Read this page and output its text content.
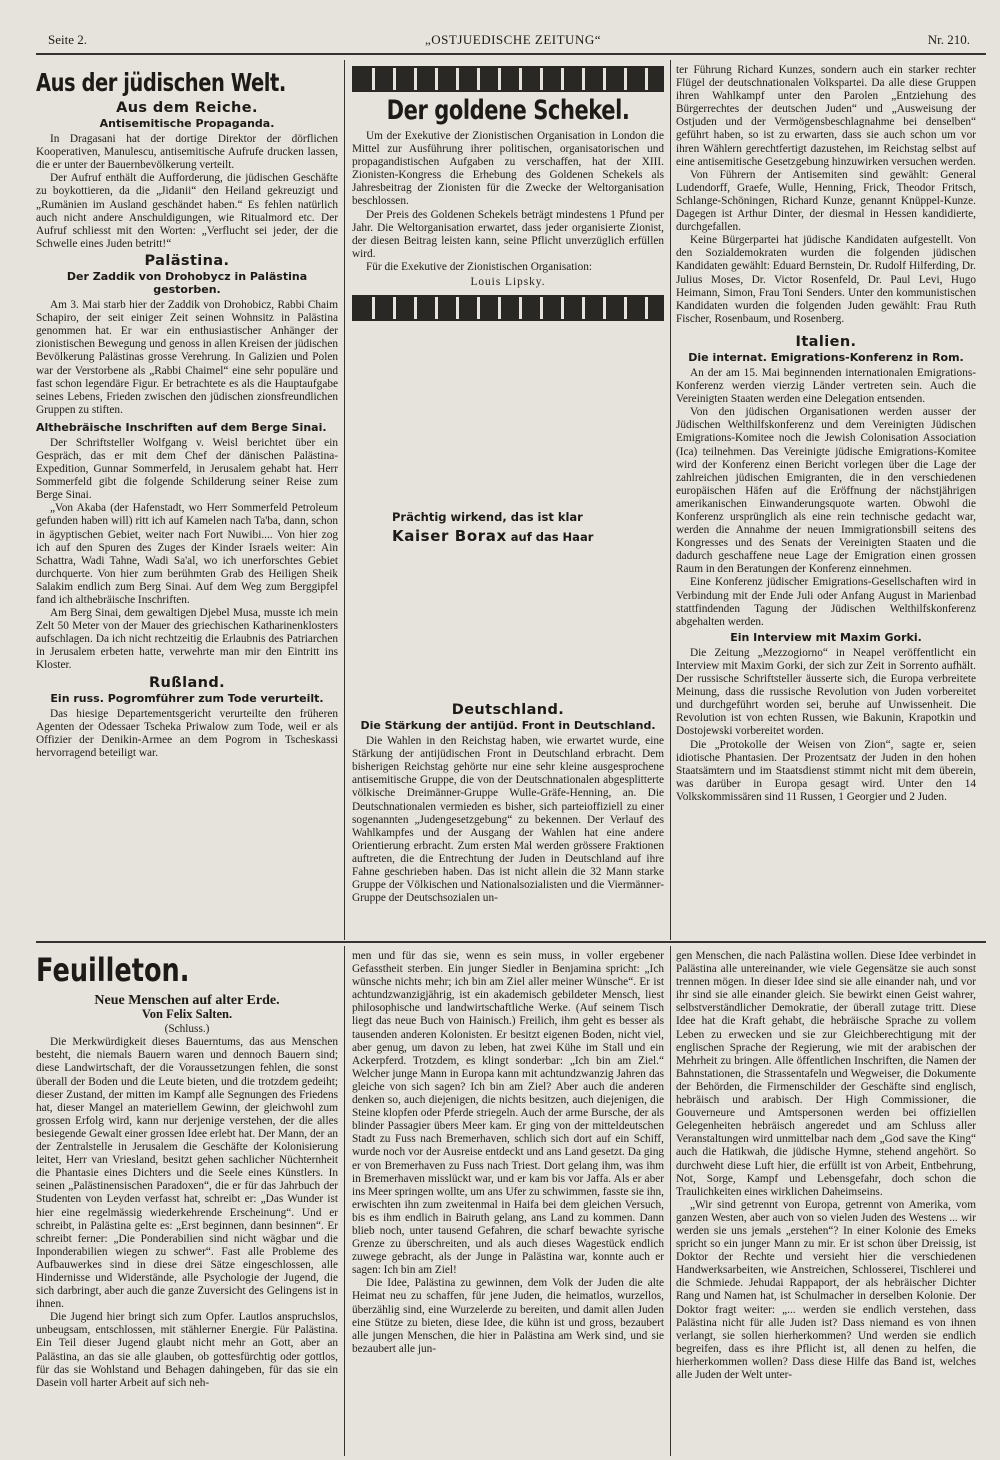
Seite 2.	„OSTJUEDISCHE ZEITUNG“	Nr. 210.
Aus der jüdischen Welt.
Aus dem Reiche.
Antisemitische Propaganda.

In Dragasani hat der dortige Direktor der dörflichen Kooperativen, Manulescu, antisemitische Aufrufe drucken lassen, die er unter der Bauernbevölkerung verteilt.

Der Aufruf enthält die Aufforderung, die jüdischen Geschäfte zu boykottieren, da die „Jidanii“ den Heiland gekreuzigt und „Rumänien im Ausland geschändet haben.“ Es fehlen natürlich auch nicht andere Anschuldigungen, wie Ritualmord etc. Der Aufruf schliesst mit den Worten: „Verflucht sei jeder, der die Schwelle eines Juden betritt!“

Palästina.
Der Zaddik von Drohobycz in Palästina gestorben.

Am 3. Mai starb hier der Zaddik von Drohobicz, Rabbi Chaim Schapiro, der seit einiger Zeit seinen Wohnsitz in Palästina genommen hat. Er war ein enthusiastischer Anhänger der zionistischen Bewegung und genoss in allen Kreisen der jüdischen Bevölkerung Palästinas grosse Verehrung. In Galizien und Polen war der Verstorbene als „Rabbi Chaimel“ eine sehr populäre und fast schon legendäre Figur. Er betrachtete es als die Hauptaufgabe seines Lebens, Frieden zwischen den jüdischen zionsfreundlichen Gruppen zu stiften.

Althebräische Inschriften auf dem Berge Sinai.

Der Schriftsteller Wolfgang v. Weisl berichtet über ein Gespräch, das er mit dem Chef der dänischen Palästina-Expedition, Gunnar Sommerfeld, in Jerusalem gehabt hat. Herr Sommerfeld gibt die folgende Schilderung seiner Reise zum Berge Sinai.

„Von Akaba (der Hafenstadt, wo Herr Sommerfeld Petroleum gefunden haben will) ritt ich auf Kamelen nach Ta'ba, dann, schon in ägyptischen Gebiet, weiter nach Fort Nuwibi.... Von hier zog ich auf den Spuren des Zuges der Kinder Israels weiter: Ain Schattra, Wadi Tahne, Wadi Sa'al, wo ich unerforschtes Gebiet durchquerte. Von hier zum berühmten Grab des Heiligen Sheik Salakim endlich zum Berg Sinai. Auf dem Weg zum Berggipfel fand ich althebräische Inschriften.

Am Berg Sinai, dem gewaltigen Djebel Musa, musste ich mein Zelt 50 Meter von der Mauer des griechischen Katharinenklosters aufschlagen. Da ich nicht rechtzeitig die Erlaubnis des Patriarchen in Jerusalem erbeten hatte, verwehrte man mir den Eintritt ins Kloster.

Rußland.
Ein russ. Pogromführer zum Tode verurteilt.

Das hiesige Departementsgericht verurteilte den früheren Agenten der Odessaer Tscheka Priwalow zum Tode, weil er als Offizier der Denikin-Armee an dem Pogrom in Tscheskassi hervorragend beteiligt war.

Der goldene Schekel.

Um der Exekutive der Zionistischen Organisation in London die Mittel zur Ausführung ihrer politischen, organisatorischen und propagandistischen Aufgaben zu verschaffen, hat der XIII. Zionisten-Kongress die Erhebung des Goldenen Schekels als Jahresbeitrag der Zionisten für die Zwecke der Weltorganisation beschlossen.

Der Preis des Goldenen Schekels beträgt mindestens 1 Pfund per Jahr. Die Weltorganisation erwartet, dass jeder organisierte Zionist, der diesen Beitrag leisten kann, seine Pflicht unverzüglich erfüllen wird.

Für die Exekutive der Zionistischen Organisation:

Louis Lipsky.
Prächtig wirkend, das ist klar
Kaiser Borax auf das Haar
Deutschland.
Die Stärkung der antijüd. Front in Deutschland.

Die Wahlen in den Reichstag haben, wie erwartet wurde, eine Stärkung der antijüdischen Front in Deutschland erbracht. Dem bisherigen Reichstag gehörte nur eine sehr kleine ausgesprochene antisemitische Gruppe, die von der Deutschnationalen abgesplitterte völkische Dreimänner-Gruppe Wulle-Gräfe-Henning, an. Die Deutschnationalen vermieden es bisher, sich parteioffiziell zu einer sogenannten „Judengesetzgebung“ zu bekennen. Der Verlauf des Wahlkampfes und der Ausgang der Wahlen hat eine andere Orientierung erbracht. Zum ersten Mal werden grössere Fraktionen auftreten, die die Entrechtung der Juden in Deutschland auf ihre Fahne geschrieben haben. Das ist nicht allein die 32 Mann starke Gruppe der Völkischen und Nationalsozialisten und die Viermänner-Gruppe der Deutschsozialen un-

ter Führung Richard Kunzes, sondern auch ein starker rechter Flügel der deutschnationalen Volkspartei. Da alle diese Gruppen ihren Wahlkampf unter den Parolen „Entziehung des Bürgerrechtes der deutschen Juden“ und „Ausweisung der Ostjuden und der Vermögensbeschlagnahme bei denselben“ geführt haben, so ist zu erwarten, dass sie auch schon um vor ihren Wählern gerechtfertigt dazustehen, im Reichstag selbst auf eine antisemitische Gesetzgebung hinzuwirken versuchen werden.

Von Führern der Antisemiten sind gewählt: General Ludendorff, Graefe, Wulle, Henning, Frick, Theodor Fritsch, Schlange-Schöningen, Richard Kunze, genannt Knüppel-Kunze. Dagegen ist Arthur Dinter, der diesmal in Hessen kandidierte, durchgefallen.

Keine Bürgerpartei hat jüdische Kandidaten aufgestellt. Von den Sozialdemokraten wurden die folgenden jüdischen Kandidaten gewählt: Eduard Bernstein, Dr. Rudolf Hilferding, Dr. Julius Moses, Dr. Victor Rosenfeld, Dr. Paul Levi, Hugo Heimann, Simon, Frau Toni Senders. Unter den kommunistischen Kandidaten wurden die folgenden Juden gewählt: Frau Ruth Fischer, Rosenbaum, und Rosenberg.

Italien.
Die internat. Emigrations-Konferenz in Rom.

An der am 15. Mai beginnenden internationalen Emigrations-Konferenz werden vierzig Länder vertreten sein. Auch die Vereinigten Staaten werden eine Delegation entsenden.

Von den jüdischen Organisationen werden ausser der Jüdischen Welthilfskonferenz und dem Vereinigten Jüdischen Emigrations-Komitee noch die Jewish Colonisation Association (Ica) teilnehmen. Das Vereinigte jüdische Emigrations-Komitee wird der Konferenz einen Bericht vorlegen über die Lage der zahlreichen jüdischen Emigranten, die in den verschiedenen europäischen Häfen auf die Eröffnung der nächstjährigen amerikanischen Einwanderungsquote warten. Obwohl die Konferenz ursprünglich als eine rein technische gedacht war, werden die Annahme der neuen Immigrationsbill seitens des Kongresses und des Senats der Vereinigten Staaten und die dadurch geschaffene neue Lage der Emigration einen grossen Raum in den Beratungen der Konferenz einnehmen.

Eine Konferenz jüdischer Emigrations-Gesellschaften wird in Verbindung mit der Ende Juli oder Anfang August in Marienbad stattfindenden Tagung der Jüdischen Welthilfskonferenz abgehalten werden.

Ein Interview mit Maxim Gorki.

Die Zeitung „Mezzogiorno“ in Neapel veröffentlicht ein Interview mit Maxim Gorki, der sich zur Zeit in Sorrento aufhält. Der russische Schriftsteller äusserte sich, die Europa verbreitete Meinung, dass die russische Revolution von Juden vorbereitet und durchgeführt worden sei, beruhe auf Unwissenheit. Die Revolution ist von echten Russen, wie Bakunin, Krapotkin und Dostojewski vorbereitet worden.

Die „Protokolle der Weisen von Zion“, sagte er, seien idiotische Phantasien. Der Prozentsatz der Juden in den hohen Staatsämtern und im Staatsdienst stimmt nicht mit dem überein, was darüber in Europa gesagt wird. Unter den 14 Volkskommissären sind 11 Russen, 1 Georgier und 2 Juden.

Feuilleton.
Neue Menschen auf alter Erde.
Von Felix Salten.
(Schluss.)

Die Merkwürdigkeit dieses Bauerntums, das aus Menschen besteht, die niemals Bauern waren und dennoch Bauern sind; diese Landwirtschaft, der die Voraussetzungen fehlen, die sonst überall der Boden und die Leute bieten, und die trotzdem gedeiht; dieser Zustand, der mitten im Kampf alle Segnungen des Friedens hat, dieser Mangel an materiellem Gewinn, der gleichwohl zum grossen Erfolg wird, kann nur derjenige verstehen, der die alles besiegende Gewalt einer grossen Idee erlebt hat. Der Mann, der an der Zentralstelle in Jerusalem die Geschäfte der Kolonisierung leitet, Herr van Vriesland, besitzt gehen sachlicher Nüchternheit die Phantasie eines Dichters und die Seele eines Künstlers. In seinen „Palästinensischen Paradoxen“, die er für das Jahrbuch der Studenten von Leyden verfasst hat, schreibt er: „Das Wunder ist hier eine regelmässig wiederkehrende Erscheinung“. Und er schreibt, in Palästina gelte es: „Erst beginnen, dann besinnen“. Er schreibt ferner: „Die Ponderabilien sind nicht wägbar und die Inponderabilien wiegen zu schwer“. Fast alle Probleme des Aufbauwerkes sind in diese drei Sätze eingeschlossen, alle Hindernisse und Widerstände, alle Psychologie der Jugend, die sich darbringt, aber auch die ganze Zuversicht des Gelingens ist in ihnen.

Die Jugend hier bringt sich zum Opfer. Lautlos anspruchslos, unbeugsam, entschlossen, mit stählerner Energie. Für Palästina. Ein Teil dieser Jugend glaubt nicht mehr an Gott, aber an Palästina, an das sie alle glauben, ob gottesfürchtig oder gottlos, für das sie Wohlstand und Behagen dahingeben, für das sie ein Dasein voll harter Arbeit auf sich neh-

men und für das sie, wenn es sein muss, in voller ergebener Gefasstheit sterben. Ein junger Siedler in Benjamina spricht: „Ich wünsche nichts mehr; ich bin am Ziel aller meiner Wünsche“. Er ist achtundzwanzigjährig, ist ein akademisch gebildeter Mensch, liest philosophische und landwirtschaftliche Werke. (Auf seinem Tisch liegt das neue Buch von Hainisch.) Freilich, ihm geht es besser als tausenden anderen Kolonisten. Er besitzt eigenen Boden, nicht viel, aber genug, um davon zu leben, hat zwei Kühe im Stall und ein Ackerpferd. Trotzdem, es klingt sonderbar: „Ich bin am Ziel.“ Welcher junge Mann in Europa kann mit achtundzwanzig Jahren das gleiche von sich sagen? Ich bin am Ziel? Aber auch die anderen denken so, auch diejenigen, die nichts besitzen, auch diejenigen, die Steine klopfen oder Pferde striegeln. Auch der arme Bursche, der als blinder Passagier übers Meer kam. Er ging von der mitteldeutschen Stadt zu Fuss nach Bremerhaven, schlich sich dort auf ein Schiff, wurde noch vor der Ausreise entdeckt und ans Land gesetzt. Da ging er von Bremerhaven zu Fuss nach Triest. Dort gelang ihm, was ihm in Bremerhaven misslückt war, und er kam bis vor Jaffa. Als er aber ins Meer springen wollte, um ans Ufer zu schwimmen, fasste sie ihn, erwischten ihn zum zweitenmal in Haifa bei dem gleichen Versuch, bis es ihm endlich in Bairuth gelang, ans Land zu kommen. Dann blieb noch, unter tausend Gefahren, die scharf bewachte syrische Grenze zu überschreiten, und als auch dieses Wagestück endlich zuwege gebracht, als der Junge in Palästina war, konnte auch er sagen: Ich bin am Ziel!

Die Idee, Palästina zu gewinnen, dem Volk der Juden die alte Heimat neu zu schaffen, für jene Juden, die heimatlos, wurzellos, überzählig sind, eine Wurzelerde zu bereiten, und damit allen Juden eine Stütze zu bieten, diese Idee, die kühn ist und gross, bezaubert alle jungen Menschen, die hier in Palästina am Werk sind, und sie bezaubert alle jun-

gen Menschen, die nach Palästina wollen. Diese Idee verbindet in Palästina alle untereinander, wie viele Gegensätze sie auch sonst trennen mögen. In dieser Idee sind sie alle einander nah, und vor ihr sind sie alle einander gleich. Sie bewirkt einen Geist wahrer, selbstverständlicher Demokratie, der überall zutage tritt. Diese Idee hat die Kraft gehabt, die hebräische Sprache zu vollem Leben zu erwecken und sie zur Gleichberechtigung mit der englischen Sprache der Regierung, wie mit der arabischen der Mehrheit zu bringen. Alle öffentlichen Inschriften, die Namen der Bahnstationen, die Strassentafeln und Wegweiser, die Dokumente der Behörden, die Firmenschilder der Geschäfte sind englisch, hebräisch und arabisch. Der High Commissioner, die Gouverneure und Amtspersonen werden bei offiziellen Gelegenheiten hebräisch angeredet und am Schluss aller Veranstaltungen wird unmittelbar nach dem „God save the King“ auch die Hatikwah, die jüdische Hymne, stehend angehört. So durchweht diese Luft hier, die erfüllt ist von Arbeit, Entbehrung, Not, Sorge, Kampf und Lebensgefahr, doch schon die Traulichkeiten eines wirklichen Daheimseins.

„Wir sind getrennt von Europa, getrennt von Amerika, vom ganzen Westen, aber auch von so vielen Juden des Westens ... wir werden sie uns jemals „erstehen“? In einer Kolonie des Emeks spricht so ein junger Mann zu mir. Er ist schon über Dreissig, ist Doktor der Rechte und versieht hier die verschiedenen Handwerksarbeiten, wie Anstreichen, Schlosserei, Tischlerei und die Schmiede. Jehudai Rappaport, der als hebräischer Dichter Rang und Namen hat, ist Schulmacher in derselben Kolonie. Der Doktor fragt weiter: „... werden sie endlich verstehen, dass Palästina nicht für alle Juden ist? Dass niemand es von ihnen verlangt, sie sollen hierherkommen? Und werden sie endlich begreifen, dass es ihre Pflicht ist, all denen zu helfen, die hierherkommen wollen? Dass diese Hilfe das Band ist, welches alle Juden der Welt unter-
